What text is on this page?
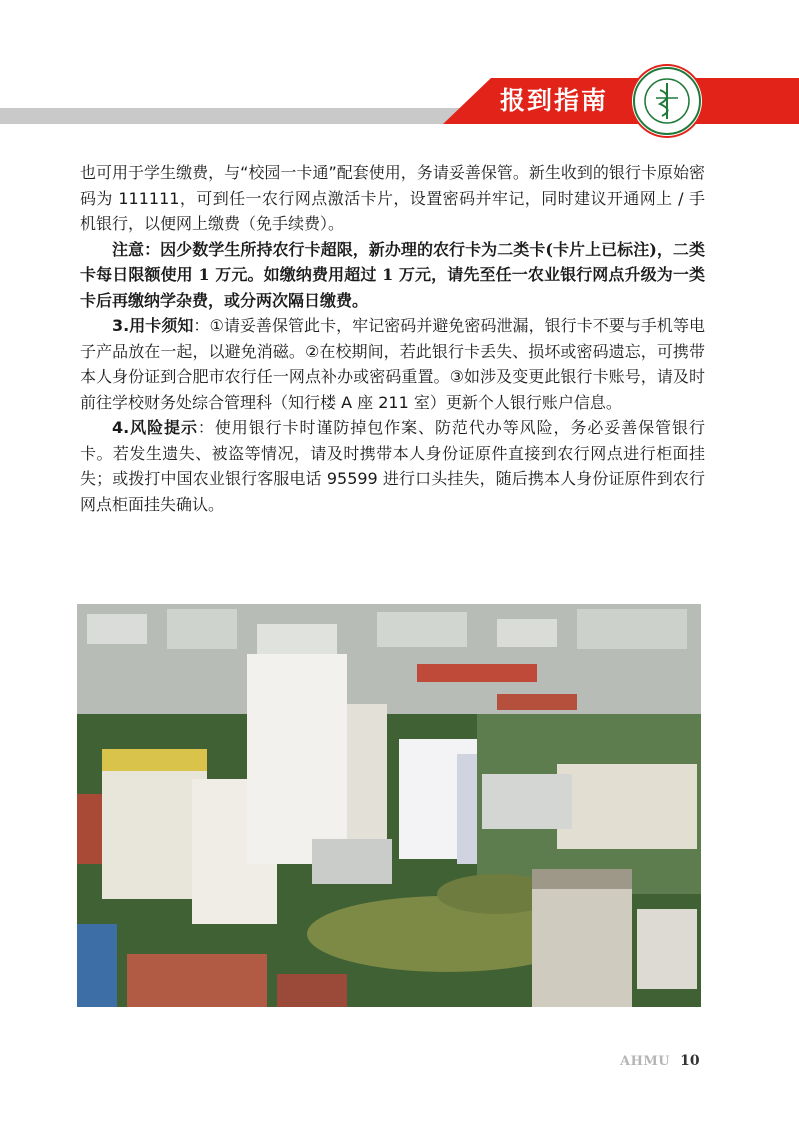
报到指南

也可用于学生缴费，与“校园一卡通”配套使用，务请妥善保管。新生收到的银行卡原始密码为 111111，可到任一农行网点激活卡片，设置密码并牢记，同时建议开通网上 / 手机银行，以便网上缴费（免手续费）。

注意：因少数学生所持农行卡超限，新办理的农行卡为二类卡(卡片上已标注)，二类卡每日限额使用 1 万元。如缴纳费用超过 1 万元，请先至任一农业银行网点升级为一类卡后再缴纳学杂费，或分两次隔日缴费。

3.用卡须知：①请妥善保管此卡，牢记密码并避免密码泄漏，银行卡不要与手机等电子产品放在一起，以避免消磁。②在校期间，若此银行卡丢失、损坏或密码遗忘，可携带本人身份证到合肥市农行任一网点补办或密码重置。③如涉及变更此银行卡账号，请及时前往学校财务处综合管理科（知行楼 A 座 211 室）更新个人银行账户信息。

4.风险提示：使用银行卡时谨防掉包作案、防范代办等风险，务必妥善保管银行卡。若发生遗失、被盗等情况，请及时携带本人身份证原件直接到农行网点进行柜面挂失；或拨打中国农业银行客服电话 95599 进行口头挂失，随后携本人身份证原件到农行网点柜面挂失确认。

AHMU 10
